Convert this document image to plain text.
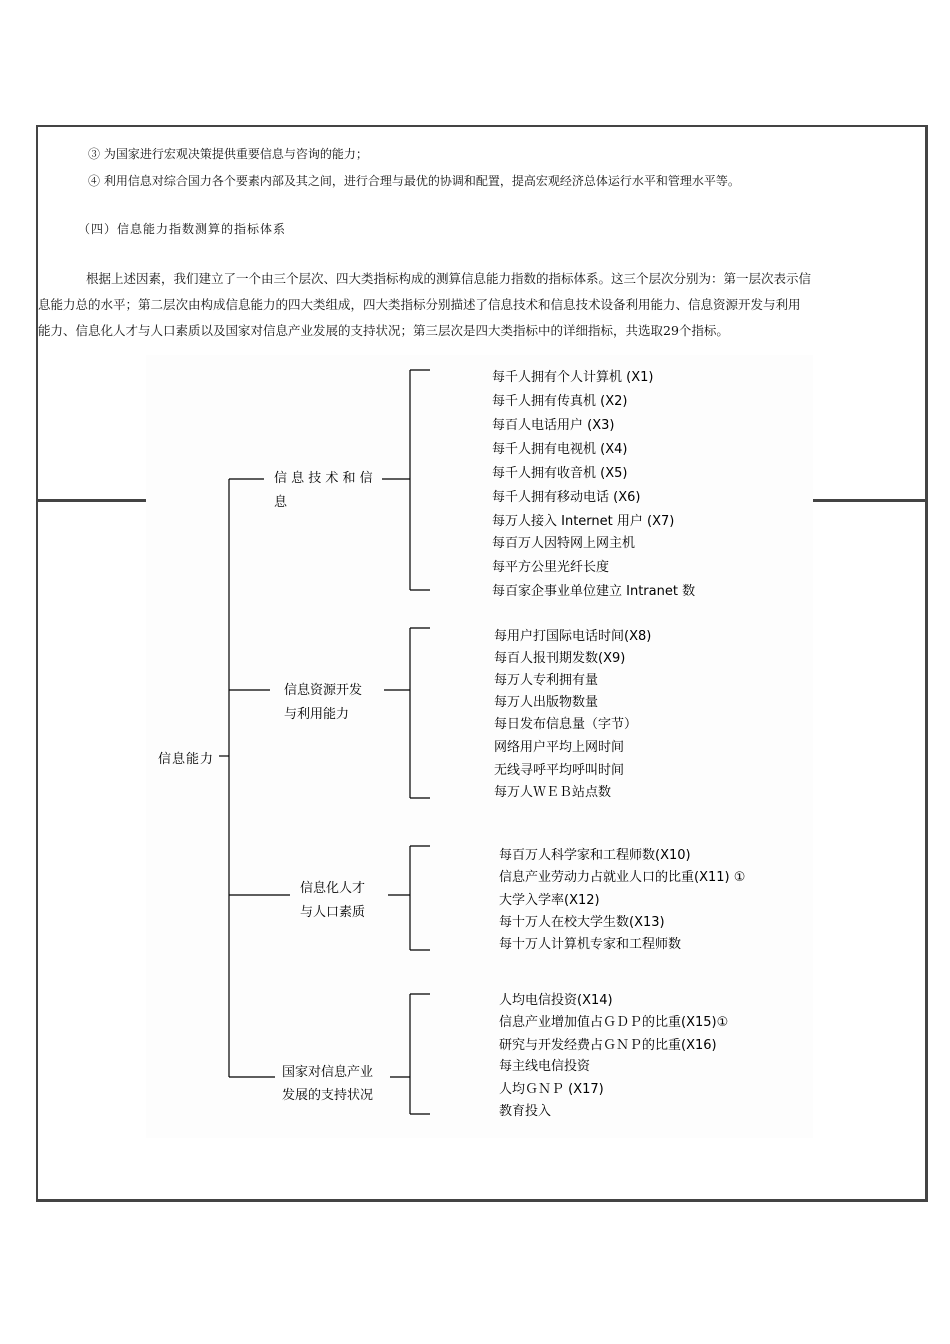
③ 为国家进行宏观决策提供重要信息与咨询的能力；
④ 利用信息对综合国力各个要素内部及其之间，进行合理与最优的协调和配置，提高宏观经济总体运行水平和管理水平等。
（四）信息能力指数测算的指标体系
根据上述因素，我们建立了一个由三个层次、四大类指标构成的测算信息能力指数的指标体系。这三个层次分别为：第一层次表示信
息能力总的水平；第二层次由构成信息能力的四大类组成，四大类指标分别描述了信息技术和信息技术设备利用能力、信息资源开发与利用
能力、信息化人才与人口素质以及国家对信息产业发展的支持状况；第三层次是四大类指标中的详细指标，共选取29个指标。
信息能力
信 息 技 术 和 信
息
每千人拥有个人计算机 (X1)
每千人拥有传真机 (X2)
每百人电话用户 (X3)
每千人拥有电视机 (X4)
每千人拥有收音机 (X5)
每千人拥有移动电话 (X6)
每万人接入 Internet 用户 (X7)
每百万人因特网上网主机
每平方公里光纤长度
每百家企事业单位建立 Intranet 数
信息资源开发
与利用能力
每用户打国际电话时间(X8)
每百人报刊期发数(X9)
每万人专利拥有量
每万人出版物数量
每日发布信息量（字节）
网络用户平均上网时间
无线寻呼平均呼叫时间
每万人ＷＥＢ站点数
信息化人才
与人口素质
每百万人科学家和工程师数(X10)
信息产业劳动力占就业人口的比重(X11) ①
大学入学率(X12)
每十万人在校大学生数(X13)
每十万人计算机专家和工程师数
国家对信息产业
发展的支持状况
人均电信投资(X14)
信息产业增加值占ＧＤＰ的比重(X15)①
研究与开发经费占ＧＮＰ的比重(X16)
每主线电信投资
人均ＧＮＰ (X17)
教育投入
